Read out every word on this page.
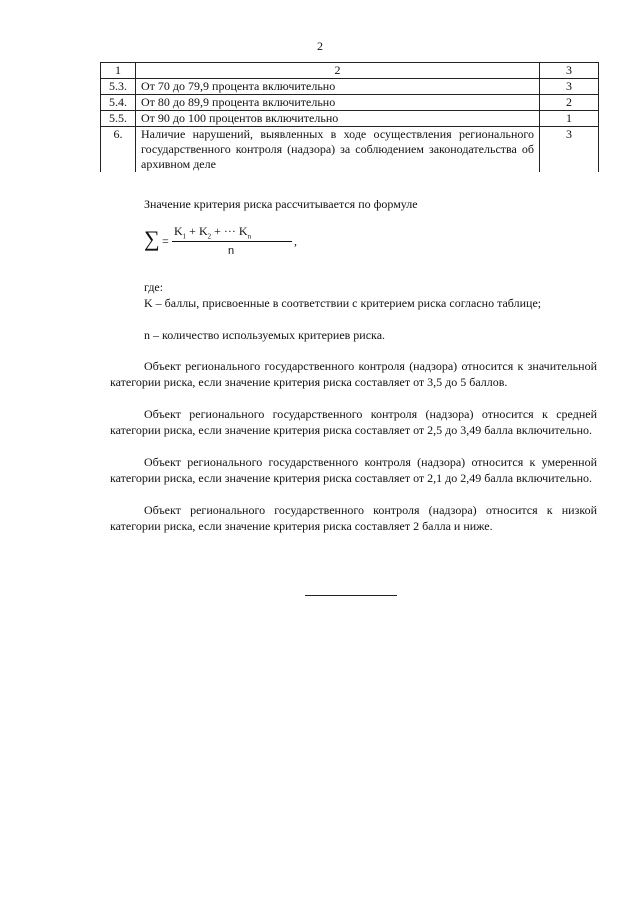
2
1	2	3
5.3.	От 70 до 79,9 процента включительно	3
5.4.	От 80 до 89,9 процента включительно	2
5.5.	От 90 до 100 процентов включительно	1
6.	Наличие нарушений, выявленных в ходе осуществления регионального государственного контроля (надзора) за соблюдением законодательства об архивном деле	3

Значение критерия риска рассчитывается по формуле

∑ =
$K_1 + K_2$ + ··· $K_n$
n
,

где:

K – баллы, присвоенные в соответствии с критерием риска согласно таблице;

n – количество используемых критериев риска.

Объект регионального государственного контроля (надзора) относится к значительной категории риска, если значение критерия риска составляет от 3,5 до 5 баллов.

Объект регионального государственного контроля (надзора) относится к средней категории риска, если значение критерия риска составляет от 2,5 до 3,49 балла включительно.

Объект регионального государственного контроля (надзора) относится к умеренной категории риска, если значение критерия риска составляет от 2,1 до 2,49 балла включительно.

Объект регионального государственного контроля (надзора) относится к низкой категории риска, если значение критерия риска составляет 2 балла и ниже.
